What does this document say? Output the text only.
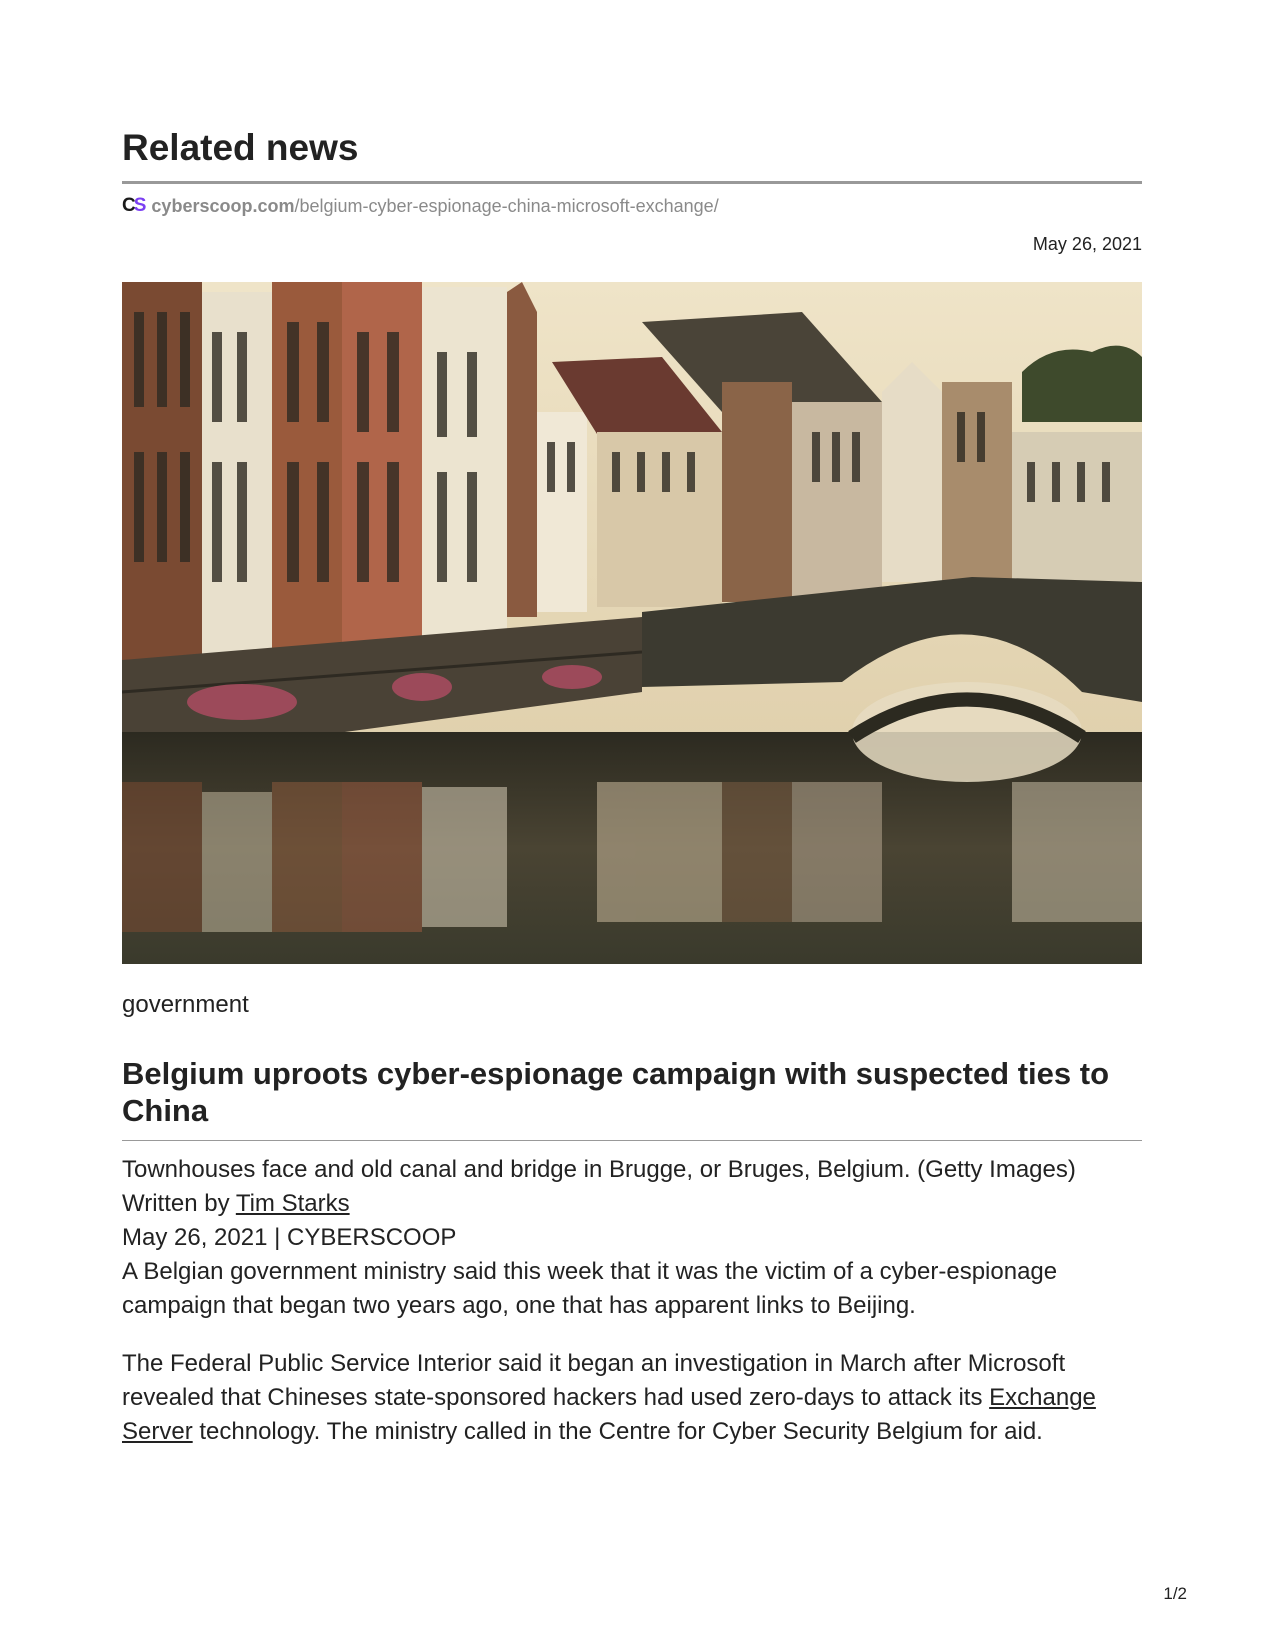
Related news
C S cyberscoop.com /belgium-cyber-espionage-china-microsoft-exchange/
May 26, 2021
government
Belgium uproots cyber-espionage campaign with suspected ties to China

Townhouses face and old canal and bridge in Brugge, or Bruges, Belgium. (Getty Images)

Written by Tim Starks

May 26, 2021 | CYBERSCOOP

A Belgian government ministry said this week that it was the victim of a cyber-espionage campaign that began two years ago, one that has apparent links to Beijing.

The Federal Public Service Interior said it began an investigation in March after Microsoft revealed that Chineses state-sponsored hackers had used zero-days to attack its Exchange Server technology. The ministry called in the Centre for Cyber Security Belgium for aid.

1/2
